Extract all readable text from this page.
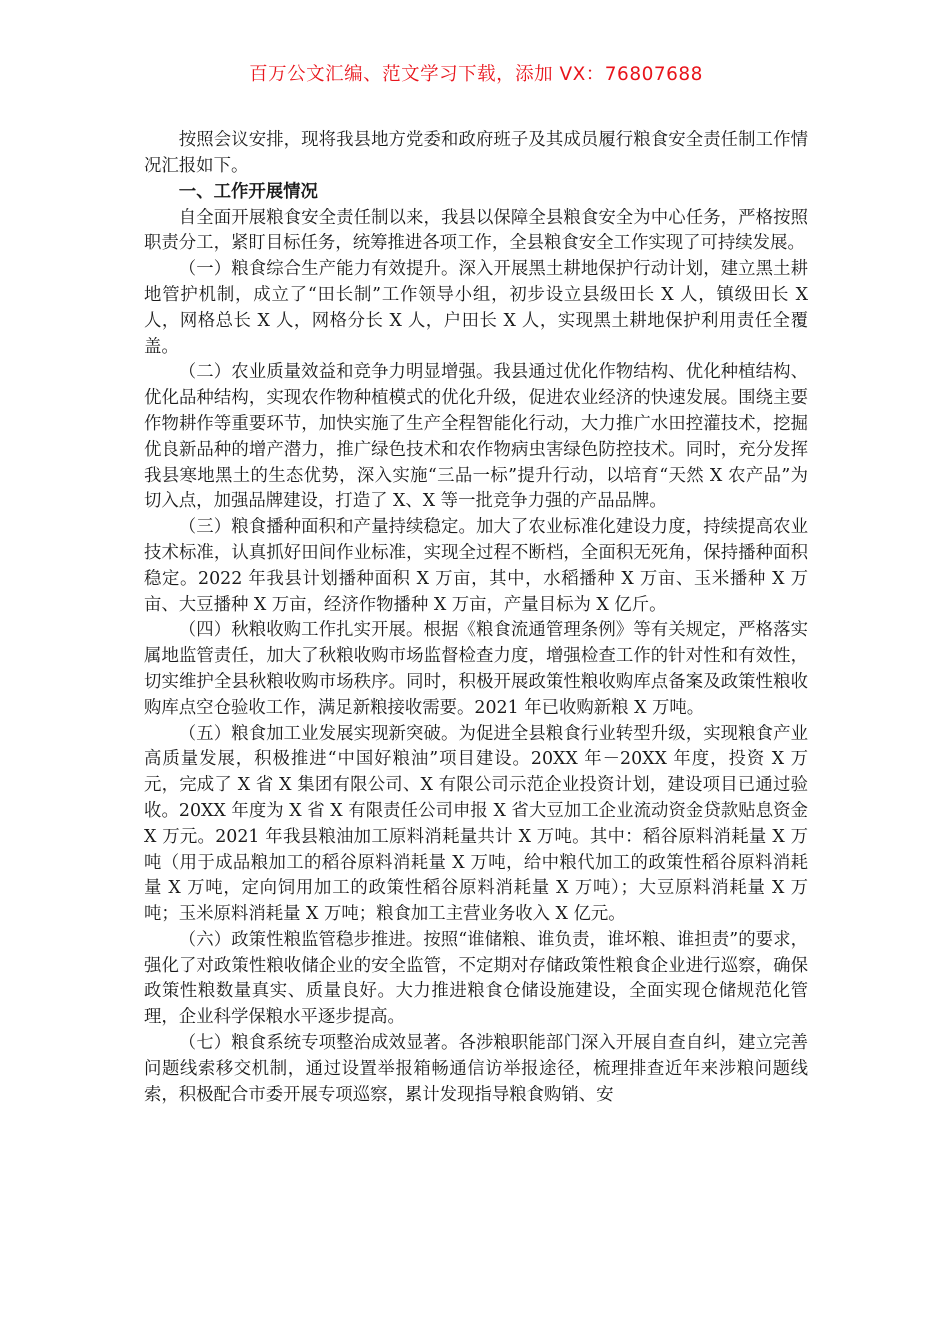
百万公文汇编、范文学习下载，添加 VX：76807688

按照会议安排，现将我县地方党委和政府班子及其成员履行粮食安全责任制工作情况汇报如下。

一、工作开展情况

自全面开展粮食安全责任制以来，我县以保障全县粮食安全为中心任务，严格按照职责分工，紧盯目标任务，统筹推进各项工作，全县粮食安全工作实现了可持续发展。

（一）粮食综合生产能力有效提升。深入开展黑土耕地保护行动计划，建立黑土耕地管护机制，成立了“田长制”工作领导小组，初步设立县级田长 X 人，镇级田长 X 人，网格总长 X 人，网格分长 X 人，户田长 X 人，实现黑土耕地保护利用责任全覆盖。

（二）农业质量效益和竞争力明显增强。我县通过优化作物结构、优化种植结构、优化品种结构，实现农作物种植模式的优化升级，促进农业经济的快速发展。围绕主要作物耕作等重要环节，加快实施了生产全程智能化行动，大力推广水田控灌技术，挖掘优良新品种的增产潜力，推广绿色技术和农作物病虫害绿色防控技术。同时，充分发挥我县寒地黑土的生态优势，深入实施“三品一标”提升行动，以培育“天然 X 农产品”为切入点，加强品牌建设，打造了 X、X 等一批竞争力强的产品品牌。

（三）粮食播种面积和产量持续稳定。加大了农业标准化建设力度，持续提高农业技术标准，认真抓好田间作业标准，实现全过程不断档，全面积无死角，保持播种面积稳定。2022 年我县计划播种面积 X 万亩，其中，水稻播种 X 万亩、玉米播种 X 万亩、大豆播种 X 万亩，经济作物播种 X 万亩，产量目标为 X 亿斤。

（四）秋粮收购工作扎实开展。根据《粮食流通管理条例》等有关规定，严格落实属地监管责任，加大了秋粮收购市场监督检查力度，增强检查工作的针对性和有效性，切实维护全县秋粮收购市场秩序。同时，积极开展政策性粮收购库点备案及政策性粮收购库点空仓验收工作，满足新粮接收需要。2021 年已收购新粮 X 万吨。

（五）粮食加工业发展实现新突破。为促进全县粮食行业转型升级，实现粮食产业高质量发展，积极推进“中国好粮油”项目建设。20XX 年－20XX 年度，投资 X 万元，完成了 X 省 X 集团有限公司、X 有限公司示范企业投资计划，建设项目已通过验收。20XX 年度为 X 省 X 有限责任公司申报 X 省大豆加工企业流动资金贷款贴息资金 X 万元。2021 年我县粮油加工原料消耗量共计 X 万吨。其中：稻谷原料消耗量 X 万吨（用于成品粮加工的稻谷原料消耗量 X 万吨，给中粮代加工的政策性稻谷原料消耗量 X 万吨，定向饲用加工的政策性稻谷原料消耗量 X 万吨）；大豆原料消耗量 X 万吨；玉米原料消耗量 X 万吨；粮食加工主营业务收入 X 亿元。

（六）政策性粮监管稳步推进。按照“谁储粮、谁负责，谁坏粮、谁担责”的要求，强化了对政策性粮收储企业的安全监管，不定期对存储政策性粮食企业进行巡察，确保政策性粮数量真实、质量良好。大力推进粮食仓储设施建设，全面实现仓储规范化管理，企业科学保粮水平逐步提高。

（七）粮食系统专项整治成效显著。各涉粮职能部门深入开展自查自纠，建立完善问题线索移交机制，通过设置举报箱畅通信访举报途径，梳理排查近年来涉粮问题线索，积极配合市委开展专项巡察，累计发现指导粮食购销、安
